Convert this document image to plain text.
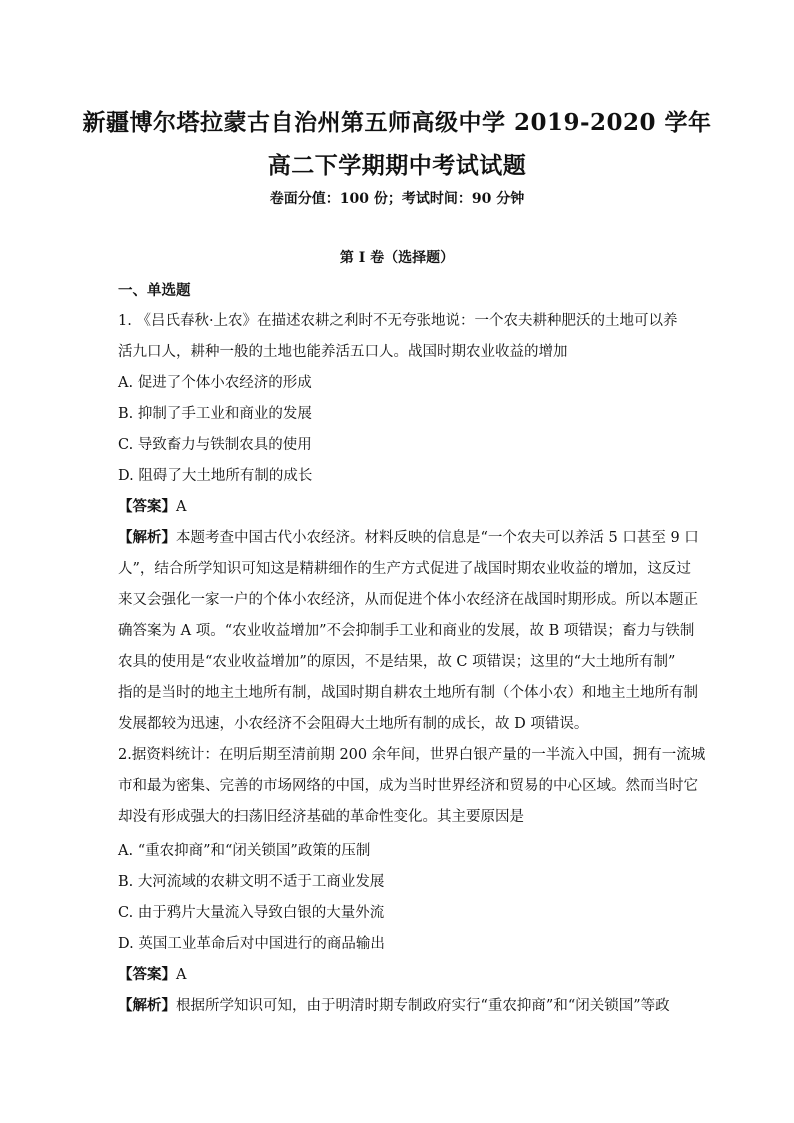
新疆博尔塔拉蒙古自治州第五师高级中学 2019-2020 学年
高二下学期期中考试试题
卷面分值：100 份；考试时间：90 分钟
第 I 卷（选择题）
一、单选题
1. 《吕氏春秋·上农》在描述农耕之利时不无夸张地说：一个农夫耕种肥沃的土地可以养
活九口人，耕种一般的土地也能养活五口人。战国时期农业收益的增加
A. 促进了个体小农经济的形成
B. 抑制了手工业和商业的发展
C. 导致畜力与铁制农具的使用
D. 阻碍了大土地所有制的成长
【答案】A
【解析】本题考查中国古代小农经济。材料反映的信息是“一个农夫可以养活 5 口甚至 9 口
人”，结合所学知识可知这是精耕细作的生产方式促进了战国时期农业收益的增加，这反过
来又会强化一家一户的个体小农经济，从而促进个体小农经济在战国时期形成。所以本题正
确答案为 A 项。“农业收益增加”不会抑制手工业和商业的发展，故 B 项错误；畜力与铁制
农具的使用是“农业收益增加”的原因，不是结果，故 C 项错误；这里的“大土地所有制”
指的是当时的地主土地所有制，战国时期自耕农土地所有制（个体小农）和地主土地所有制
发展都较为迅速，小农经济不会阻碍大土地所有制的成长，故 D 项错误。
2.据资料统计：在明后期至清前期 200 余年间，世界白银产量的一半流入中国，拥有一流城
市和最为密集、完善的市场网络的中国，成为当时世界经济和贸易的中心区域。然而当时它
却没有形成强大的扫荡旧经济基础的革命性变化。其主要原因是
A. “重农抑商”和“闭关锁国”政策的压制
B. 大河流域的农耕文明不适于工商业发展
C. 由于鸦片大量流入导致白银的大量外流
D. 英国工业革命后对中国进行的商品输出
【答案】A
【解析】根据所学知识可知，由于明清时期专制政府实行“重农抑商”和“闭关锁国”等政
